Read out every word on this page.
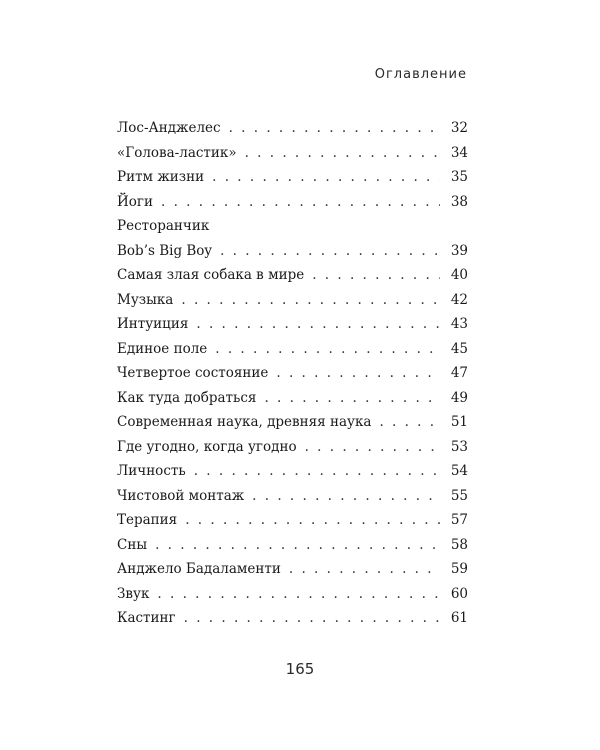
Оглавление
Лос-Анджелес . . .	32
«Голова-ластик» . . .	34
Ритм жизни . . .	35
Йоги . . .	38
Ресторанчик
Bob’s Big Boy . . .	39
Самая злая собака в мире . . .	40
Музыка . . .	42
Интуиция . . .	43
Единое поле . . .	45
Четвертое состояние . . .	47
Как туда добраться . . .	49
Современная наука, древняя наука . . .	51
Где угодно, когда угодно . . .	53
Личность . . .	54
Чистовой монтаж . . .	55
Терапия . . .	57
Сны . . .	58
Анджело Бадаламенти . . .	59
Звук . . .	60
Кастинг . . .	61
165
